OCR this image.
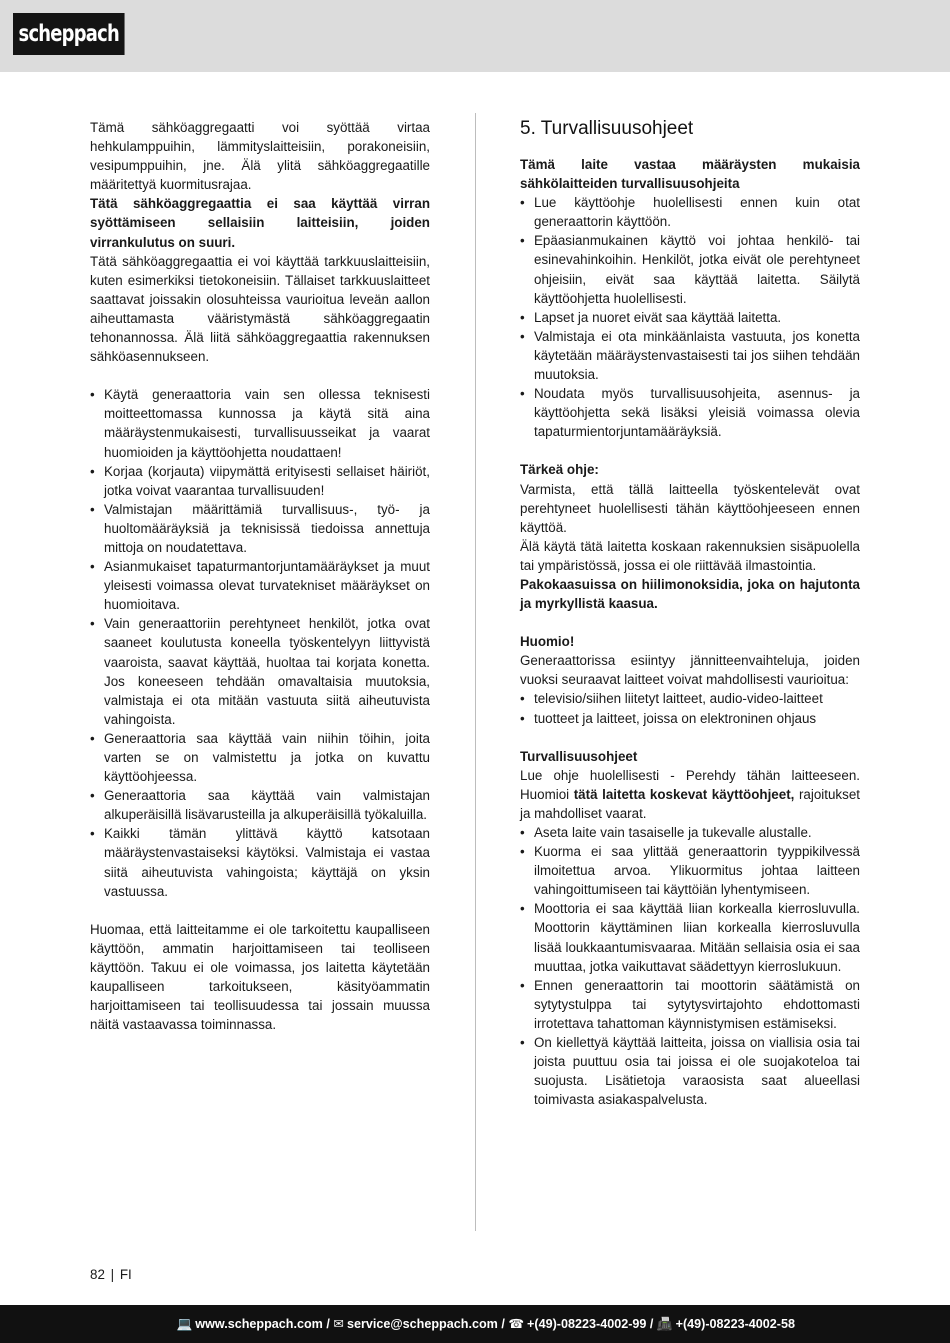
scheppach

Tämä sähköaggregaatti voi syöttää virtaa hehkulamppuihin, lämmityslaitteisiin, porakoneisiin, vesipumppuihin, jne. Älä ylitä sähköaggregaatille määritettyä kuormitusrajaa.

Tätä sähköaggregaattia ei saa käyttää virran syöttämiseen sellaisiin laitteisiin, joiden virrankulutus on suuri.

Tätä sähköaggregaattia ei voi käyttää tarkkuuslaitteisiin, kuten esimerkiksi tietokoneisiin. Tällaiset tarkkuuslaitteet saattavat joissakin olosuhteissa vaurioitua leveän aallon aiheuttamasta vääristymästä sähköaggregaatin tehonannossa. Älä liitä sähköaggregaattia rakennuksen sähköasennukseen.

• Käytä generaattoria vain sen ollessa teknisesti moitteettomassa kunnossa ja käytä sitä aina määräystenmukaisesti, turvallisuusseikat ja vaarat huomioiden ja käyttöohjetta noudattaen!
• Korjaa (korjauta) viipymättä erityisesti sellaiset häiriöt, jotka voivat vaarantaa turvallisuuden!
• Valmistajan määrittämiä turvallisuus-, työ- ja huoltomääräyksiä ja teknisissä tiedoissa annettuja mittoja on noudatettava.
• Asianmukaiset tapaturmantorjuntamääräykset ja muut yleisesti voimassa olevat turvatekniset määräykset on huomioitava.
• Vain generaattoriin perehtyneet henkilöt, jotka ovat saaneet koulutusta koneella työskentelyyn liittyvistä vaaroista, saavat käyttää, huoltaa tai korjata konetta. Jos koneeseen tehdään omavaltaisia muutoksia, valmistaja ei ota mitään vastuuta siitä aiheutuvista vahingoista.
• Generaattoria saa käyttää vain niihin töihin, joita varten se on valmistettu ja jotka on kuvattu käyttöohjeessa.
• Generaattoria saa käyttää vain valmistajan alkuperäisillä lisävarusteilla ja alkuperäisillä työkaluilla.
• Kaikki tämän ylittävä käyttö katsotaan määräystenvastaiseksi käytöksi. Valmistaja ei vastaa siitä aiheutuvista vahingoista; käyttäjä on yksin vastuussa.

Huomaa, että laitteitamme ei ole tarkoitettu kaupalliseen käyttöön, ammatin harjoittamiseen tai teolliseen käyttöön. Takuu ei ole voimassa, jos laitetta käytetään kaupalliseen tarkoitukseen, käsityöammatin harjoittamiseen tai teollisuudessa tai jossain muussa näitä vastaavassa toiminnassa.

5. Turvallisuusohjeet

Tämä laite vastaa määräysten mukaisia sähkölaitteiden turvallisuusohjeita

• Lue käyttöohje huolellisesti ennen kuin otat generaattorin käyttöön.
• Epäasianmukainen käyttö voi johtaa henkilö- tai esinevahinkoihin. Henkilöt, jotka eivät ole perehtyneet ohjeisiin, eivät saa käyttää laitetta. Säilytä käyttöohjetta huolellisesti.
• Lapset ja nuoret eivät saa käyttää laitetta.
• Valmistaja ei ota minkäänlaista vastuuta, jos konetta käytetään määräystenvastaisesti tai jos siihen tehdään muutoksia.
• Noudata myös turvallisuusohjeita, asennus- ja käyttöohjetta sekä lisäksi yleisiä voimassa olevia tapaturmientorjuntamääräyksiä.

Tärkeä ohje:

Varmista, että tällä laitteella työskentelevät ovat perehtyneet huolellisesti tähän käyttöohjeeseen ennen käyttöä.

Älä käytä tätä laitetta koskaan rakennuksien sisäpuolella tai ympäristössä, jossa ei ole riittävää ilmastointia.

Pakokaasuissa on hiilimonoksidia, joka on hajutonta ja myrkyllistä kaasua.

Huomio!

Generaattorissa esiintyy jännitteenvaihteluja, joiden vuoksi seuraavat laitteet voivat mahdollisesti vaurioitua:

• televisio/siihen liitetyt laitteet, audio-video-laitteet
• tuotteet ja laitteet, joissa on elektroninen ohjaus

Turvallisuusohjeet

Lue ohje huolellisesti - Perehdy tähän laitteeseen. Huomioi tätä laitetta koskevat käyttöohjeet, rajoitukset ja mahdolliset vaarat.

• Aseta laite vain tasaiselle ja tukevalle alustalle.
• Kuorma ei saa ylittää generaattorin tyyppikilvessä ilmoitettua arvoa. Ylikuormitus johtaa laitteen vahingoittumiseen tai käyttöiän lyhentymiseen.
• Moottoria ei saa käyttää liian korkealla kierrosluvulla. Moottorin käyttäminen liian korkealla kierrosluvulla lisää loukkaantumisvaaraa. Mitään sellaisia osia ei saa muuttaa, jotka vaikuttavat säädettyyn kierroslukuun.
• Ennen generaattorin tai moottorin säätämistä on sytytystulppa tai sytytysvirtajohto ehdottomasti irrotettava tahattoman käynnistymisen estämiseksi.
• On kiellettyä käyttää laitteita, joissa on viallisia osia tai joista puuttuu osia tai joissa ei ole suojakoteloa tai suojusta. Lisätietoja varaosista saat alueellasi toimivasta asiakaspalvelusta.
82 | FI
💻 www.scheppach.com / ✉ service@scheppach.com / ☎ +(49)-08223-4002-99 / 📠 +(49)-08223-4002-58
